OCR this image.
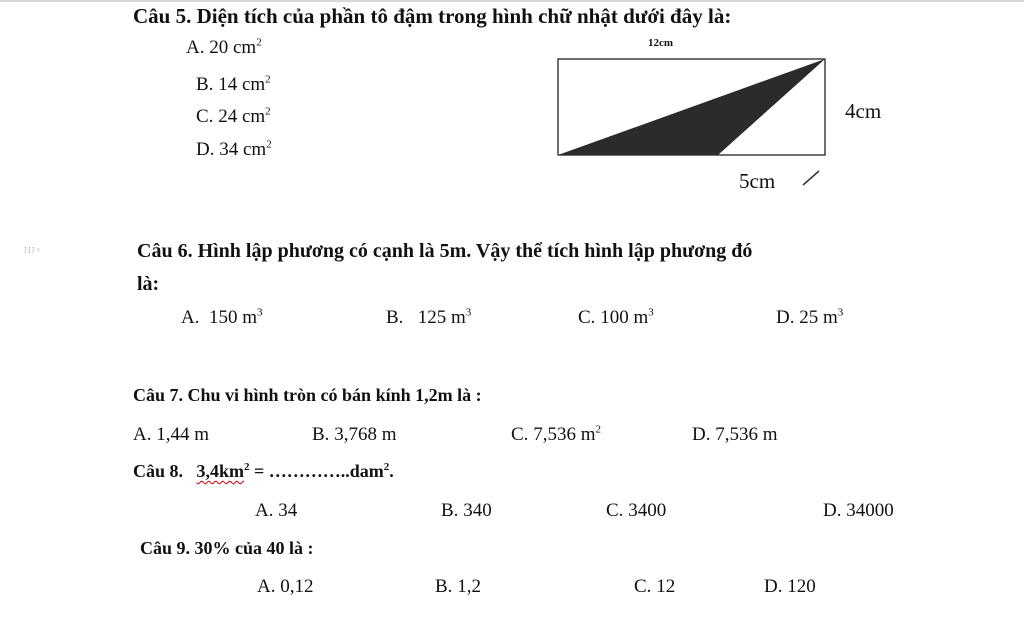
Câu 5. Diện tích của phần tô đậm trong hình chữ nhật dưới đây là:
A. 20 $cm^2$
B. 14 $cm^2$
C. 24 $cm^2$
D. 34 $cm^2$
12cm
4cm
5cm
⁝⁞⁝◦	Câu 6. Hình lập phương có cạnh là 5m. Vậy thể tích hình lập phương đó
là:
A. 150 $m^3$	B. 125 $m^3$	C. 100 $m^3$	D. 25 $m^3$
Câu 7. Chu vi hình tròn có bán kính 1,2m là :
A. 1,44 m	B. 3,768 m	C. 7,536 $m^2$	D. 7,536 m
Câu 8. $3,4km^2$ = …………..dam$^2$.
A. 34	B. 340	C. 3400	D. 34000
Câu 9. 30% của 40 là :
A. 0,12	B. 1,2	C. 12	D. 120
